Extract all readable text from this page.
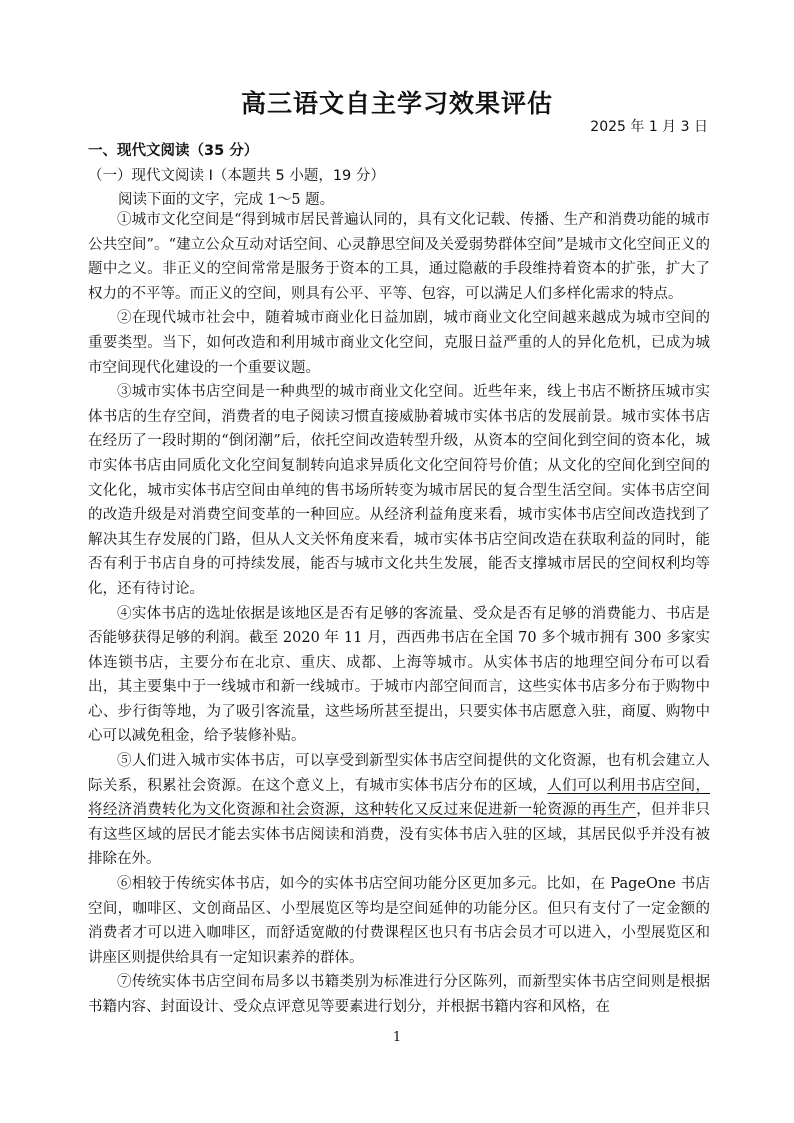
高三语文自主学习效果评估
2025 年 1 月 3 日
一、现代文阅读（35 分）
（一）现代文阅读 I（本题共 5 小题，19 分）
阅读下面的文字，完成 1～5 题。

①城市文化空间是“得到城市居民普遍认同的，具有文化记载、传播、生产和消费功能的城市公共空间”。“建立公众互动对话空间、心灵静思空间及关爱弱势群体空间”是城市文化空间正义的题中之义。非正义的空间常常是服务于资本的工具，通过隐蔽的手段维持着资本的扩张，扩大了权力的不平等。而正义的空间，则具有公平、平等、包容，可以满足人们多样化需求的特点。

②在现代城市社会中，随着城市商业化日益加剧，城市商业文化空间越来越成为城市空间的重要类型。当下，如何改造和利用城市商业文化空间，克服日益严重的人的异化危机，已成为城市空间现代化建设的一个重要议题。

③城市实体书店空间是一种典型的城市商业文化空间。近些年来，线上书店不断挤压城市实体书店的生存空间，消费者的电子阅读习惯直接威胁着城市实体书店的发展前景。城市实体书店在经历了一段时期的“倒闭潮”后，依托空间改造转型升级，从资本的空间化到空间的资本化，城市实体书店由同质化文化空间复制转向追求异质化文化空间符号价值；从文化的空间化到空间的文化化，城市实体书店空间由单纯的售书场所转变为城市居民的复合型生活空间。实体书店空间的改造升级是对消费空间变革的一种回应。从经济利益角度来看，城市实体书店空间改造找到了解决其生存发展的门路，但从人文关怀角度来看，城市实体书店空间改造在获取利益的同时，能否有利于书店自身的可持续发展，能否与城市文化共生发展，能否支撑城市居民的空间权利均等化，还有待讨论。

④实体书店的选址依据是该地区是否有足够的客流量、受众是否有足够的消费能力、书店是否能够获得足够的利润。截至 2020 年 11 月，西西弗书店在全国 70 多个城市拥有 300 多家实体连锁书店，主要分布在北京、重庆、成都、上海等城市。从实体书店的地理空间分布可以看出，其主要集中于一线城市和新一线城市。于城市内部空间而言，这些实体书店多分布于购物中心、步行街等地，为了吸引客流量，这些场所甚至提出，只要实体书店愿意入驻，商厦、购物中心可以减免租金，给予装修补贴。

⑤人们进入城市实体书店，可以享受到新型实体书店空间提供的文化资源，也有机会建立人际关系，积累社会资源。在这个意义上，有城市实体书店分布的区域，人们可以利用书店空间，将经济消费转化为文化资源和社会资源，这种转化又反过来促进新一轮资源的再生产，但并非只有这些区域的居民才能去实体书店阅读和消费，没有实体书店入驻的区域，其居民似乎并没有被排除在外。

⑥相较于传统实体书店，如今的实体书店空间功能分区更加多元。比如，在 PageOne 书店空间，咖啡区、文创商品区、小型展览区等均是空间延伸的功能分区。但只有支付了一定金额的消费者才可以进入咖啡区，而舒适宽敞的付费课程区也只有书店会员才可以进入，小型展览区和讲座区则提供给具有一定知识素养的群体。

⑦传统实体书店空间布局多以书籍类别为标准进行分区陈列，而新型实体书店空间则是根据书籍内容、封面设计、受众点评意见等要素进行划分，并根据书籍内容和风格，在

1
